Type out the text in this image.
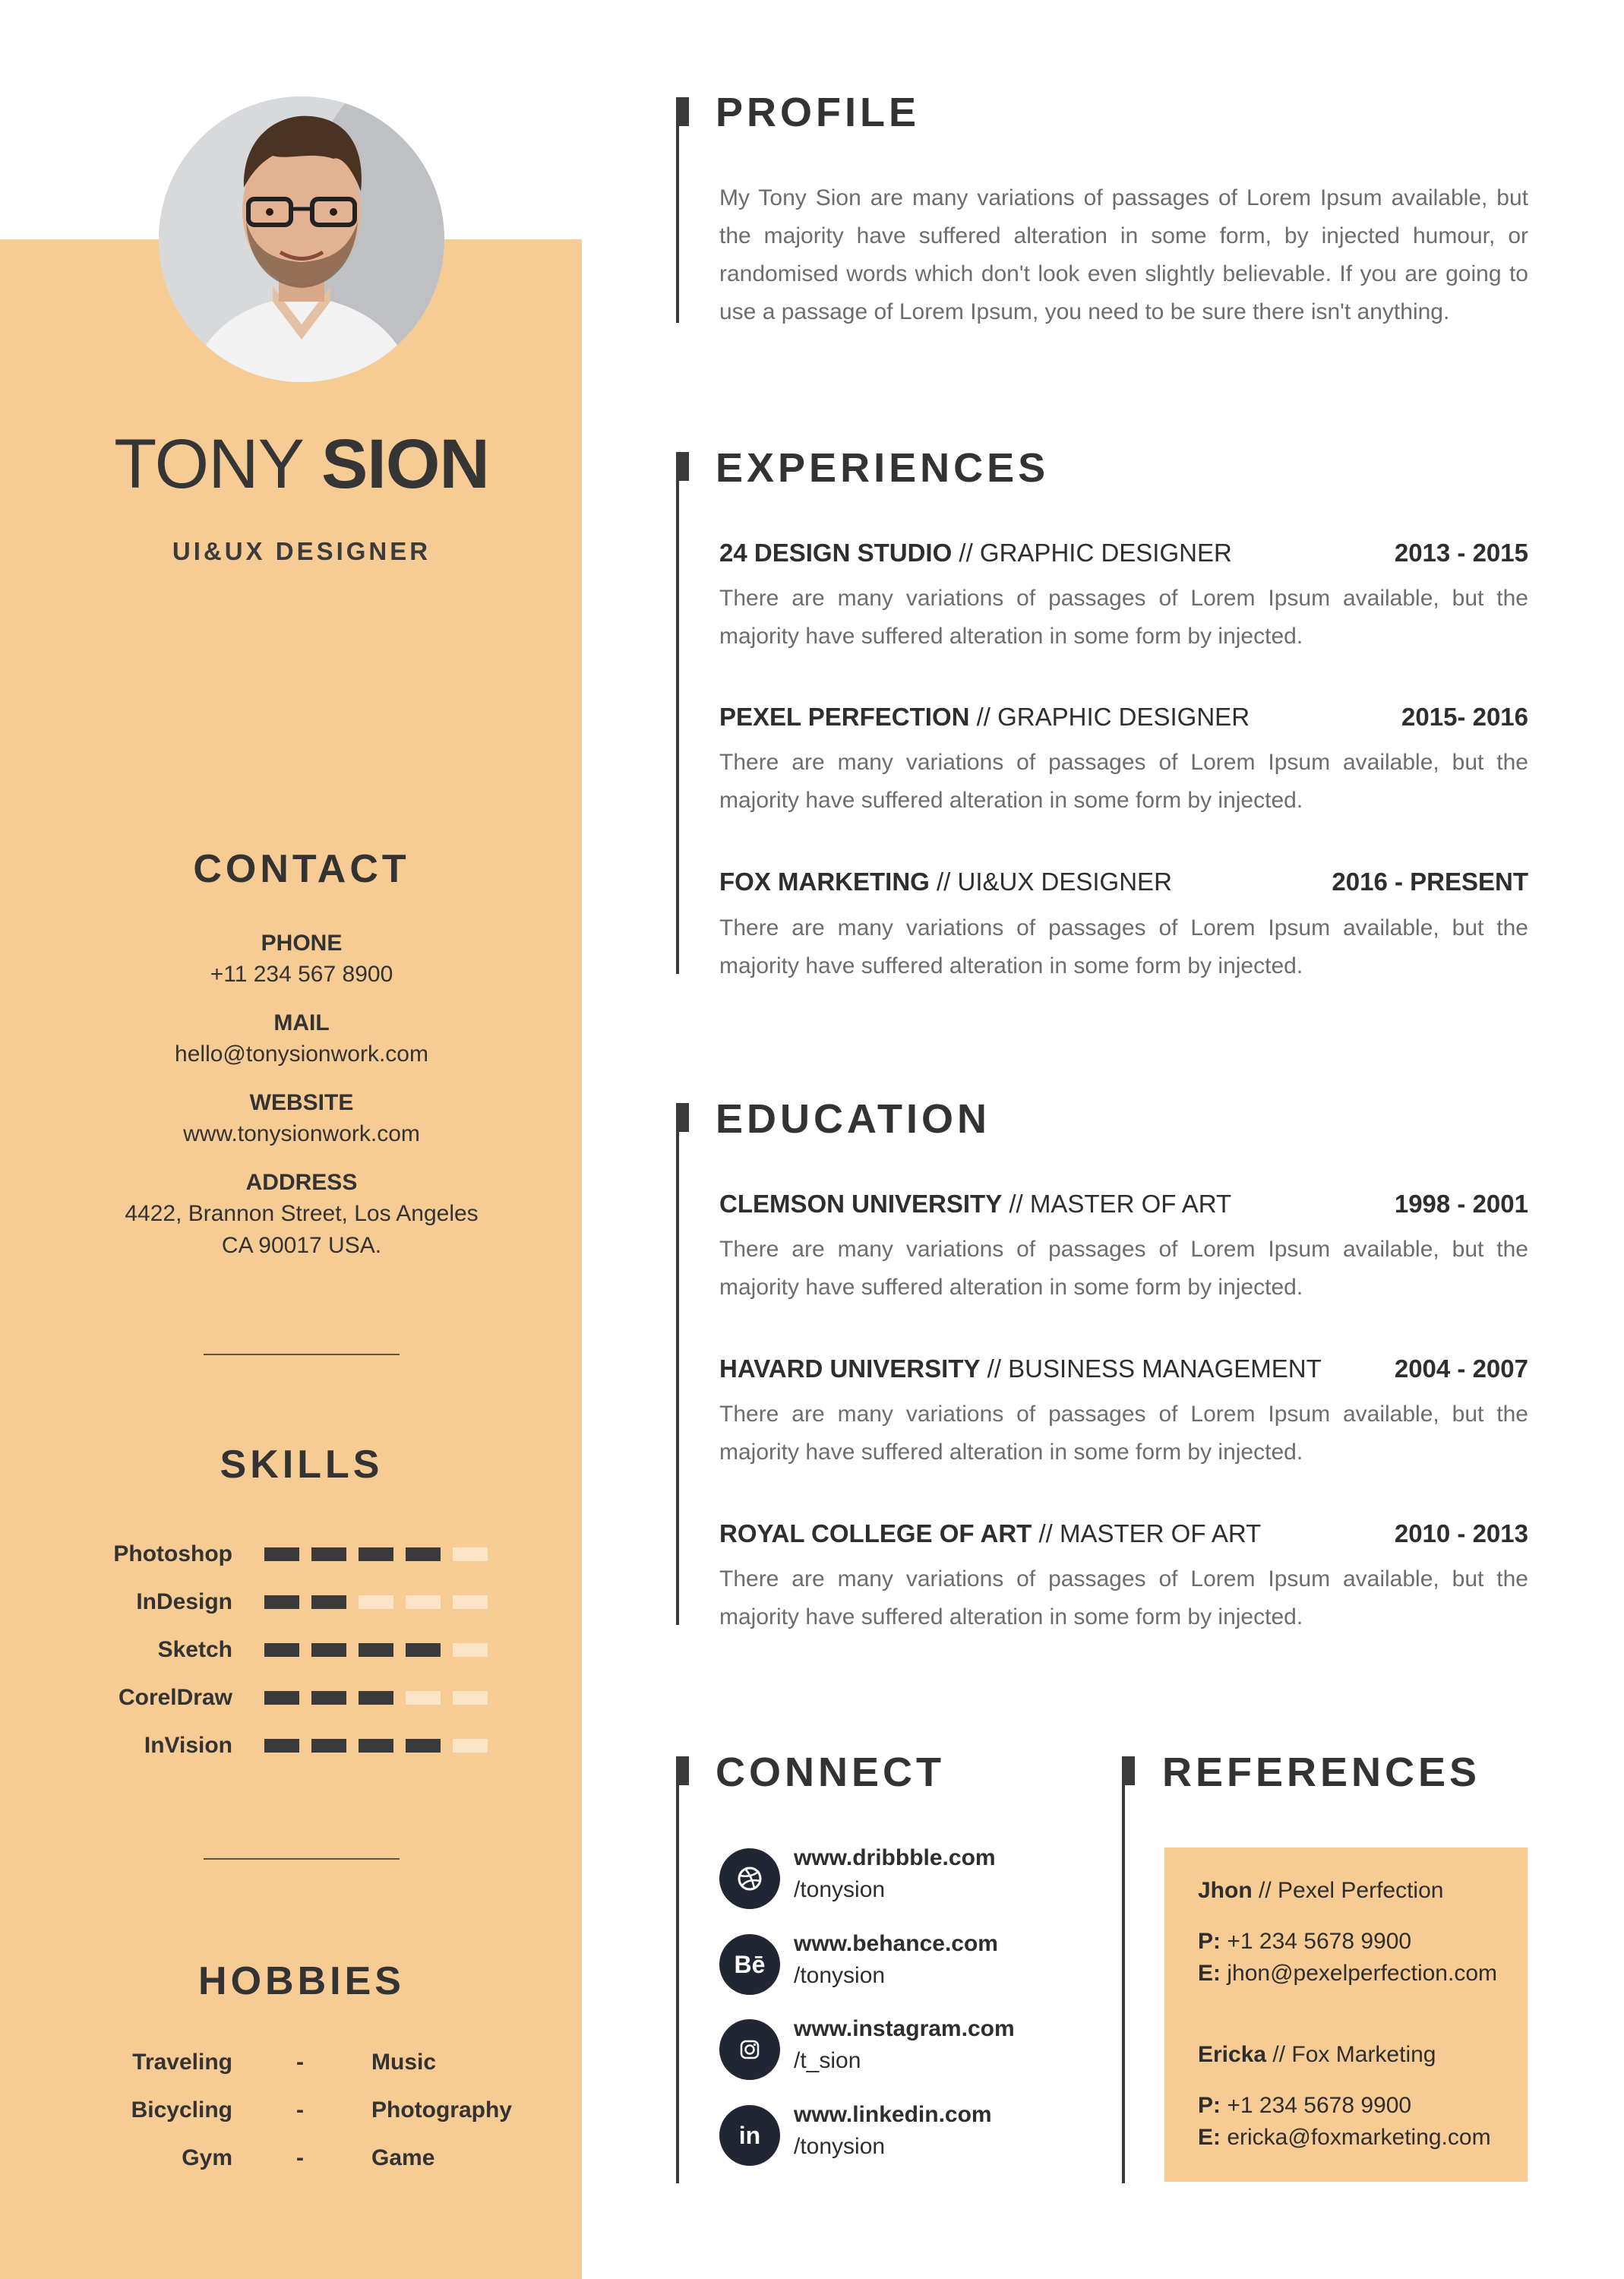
TONY SION
UI&UX DESIGNER
CONTACT
PHONE
+11 234 567 8900
MAIL
hello@tonysionwork.com
WEBSITE
www.tonysionwork.com
ADDRESS
4422, Brannon Street, Los Angeles
CA 90017 USA.
SKILLS
Photoshop
InDesign
Sketch
CorelDraw
InVision
HOBBIES
Traveling	-	Music
Bicycling	-	Photography
Gym	-	Game
PROFILE
My Tony Sion are many variations of passages of Lorem Ipsum available, but the majority have suffered alteration in some form, by injected humour, or randomised words which don't look even slightly believable. If you are going to use a passage of Lorem Ipsum, you need to be sure there isn't anything.
EXPERIENCES
24 DESIGN STUDIO // GRAPHIC DESIGNER	2013 - 2015
There are many variations of passages of Lorem Ipsum available, but the majority have suffered alteration in some form by injected.
PEXEL PERFECTION // GRAPHIC DESIGNER	2015- 2016
There are many variations of passages of Lorem Ipsum available, but the majority have suffered alteration in some form by injected.
FOX MARKETING // UI&UX DESIGNER	2016 - PRESENT
There are many variations of passages of Lorem Ipsum available, but the majority have suffered alteration in some form by injected.
EDUCATION
CLEMSON UNIVERSITY // MASTER OF ART	1998 - 2001
There are many variations of passages of Lorem Ipsum available, but the majority have suffered alteration in some form by injected.
HAVARD UNIVERSITY // BUSINESS MANAGEMENT	2004 - 2007
There are many variations of passages of Lorem Ipsum available, but the majority have suffered alteration in some form by injected.
ROYAL COLLEGE OF ART // MASTER OF ART	2010 - 2013
There are many variations of passages of Lorem Ipsum available, but the majority have suffered alteration in some form by injected.
CONNECT
www.dribbble.com
/tonysion
Bē
www.behance.com
/tonysion
www.instagram.com
/t_sion
in
www.linkedin.com
/tonysion
REFERENCES
Jhon // Pexel Perfection
P: +1 234 5678 9900
E: jhon@pexelperfection.com
Ericka // Fox Marketing
P: +1 234 5678 9900
E: ericka@foxmarketing.com
